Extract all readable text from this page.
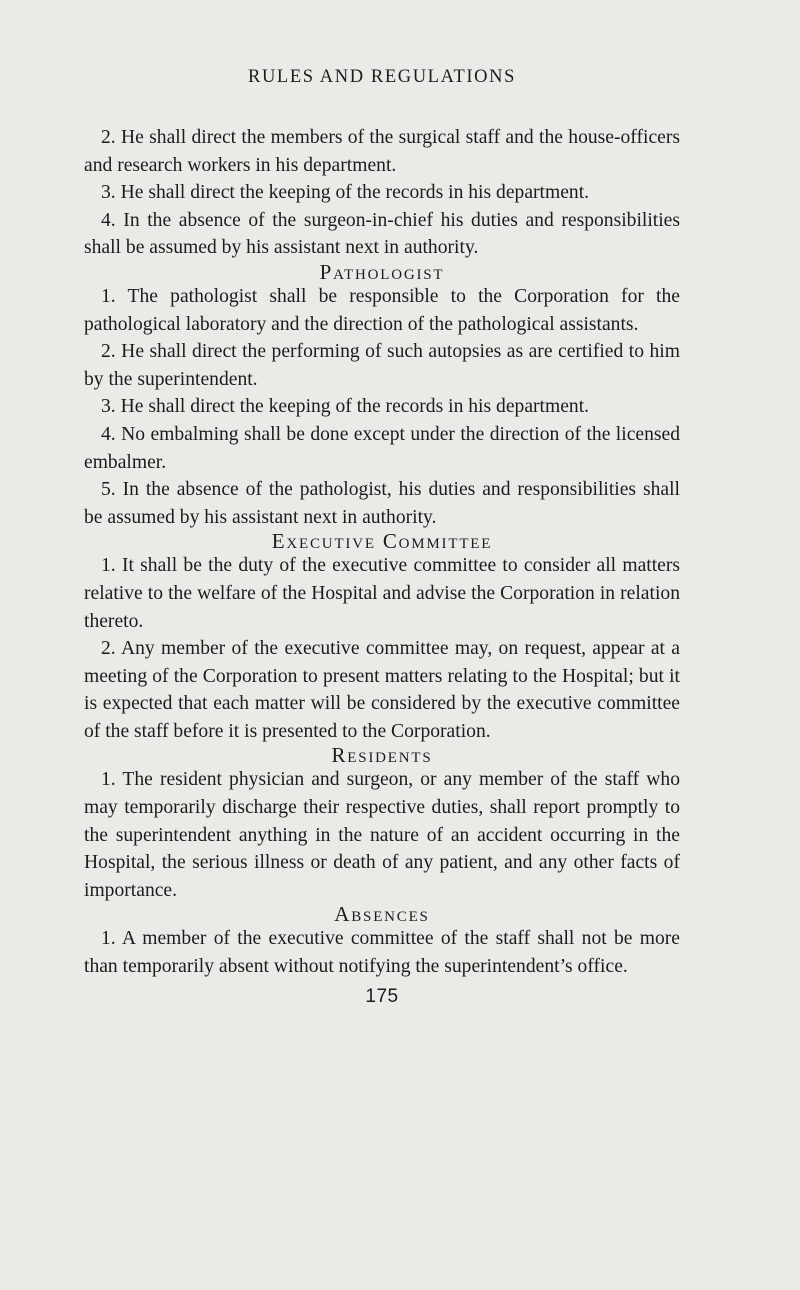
RULES AND REGULATIONS

2. He shall direct the members of the surgical staff and the house-officers and research workers in his department.

3. He shall direct the keeping of the records in his department.

4. In the absence of the surgeon-in-chief his duties and responsibilities shall be assumed by his assistant next in authority.

Pathologist

1. The pathologist shall be responsible to the Corporation for the pathological laboratory and the direction of the pathological assistants.

2. He shall direct the performing of such autopsies as are certified to him by the superintendent.

3. He shall direct the keeping of the records in his department.

4. No embalming shall be done except under the direction of the licensed embalmer.

5. In the absence of the pathologist, his duties and responsibilities shall be assumed by his assistant next in authority.

Executive Committee

1. It shall be the duty of the executive committee to consider all matters relative to the welfare of the Hospital and advise the Corporation in relation thereto.

2. Any member of the executive committee may, on request, appear at a meeting of the Corporation to present matters relating to the Hospital; but it is expected that each matter will be considered by the executive committee of the staff before it is presented to the Corporation.

Residents

1. The resident physician and surgeon, or any member of the staff who may temporarily discharge their respective duties, shall report promptly to the superintendent anything in the nature of an accident occurring in the Hospital, the serious illness or death of any patient, and any other facts of importance.

Absences

1. A member of the executive committee of the staff shall not be more than temporarily absent without notifying the superintendent’s office.

175
